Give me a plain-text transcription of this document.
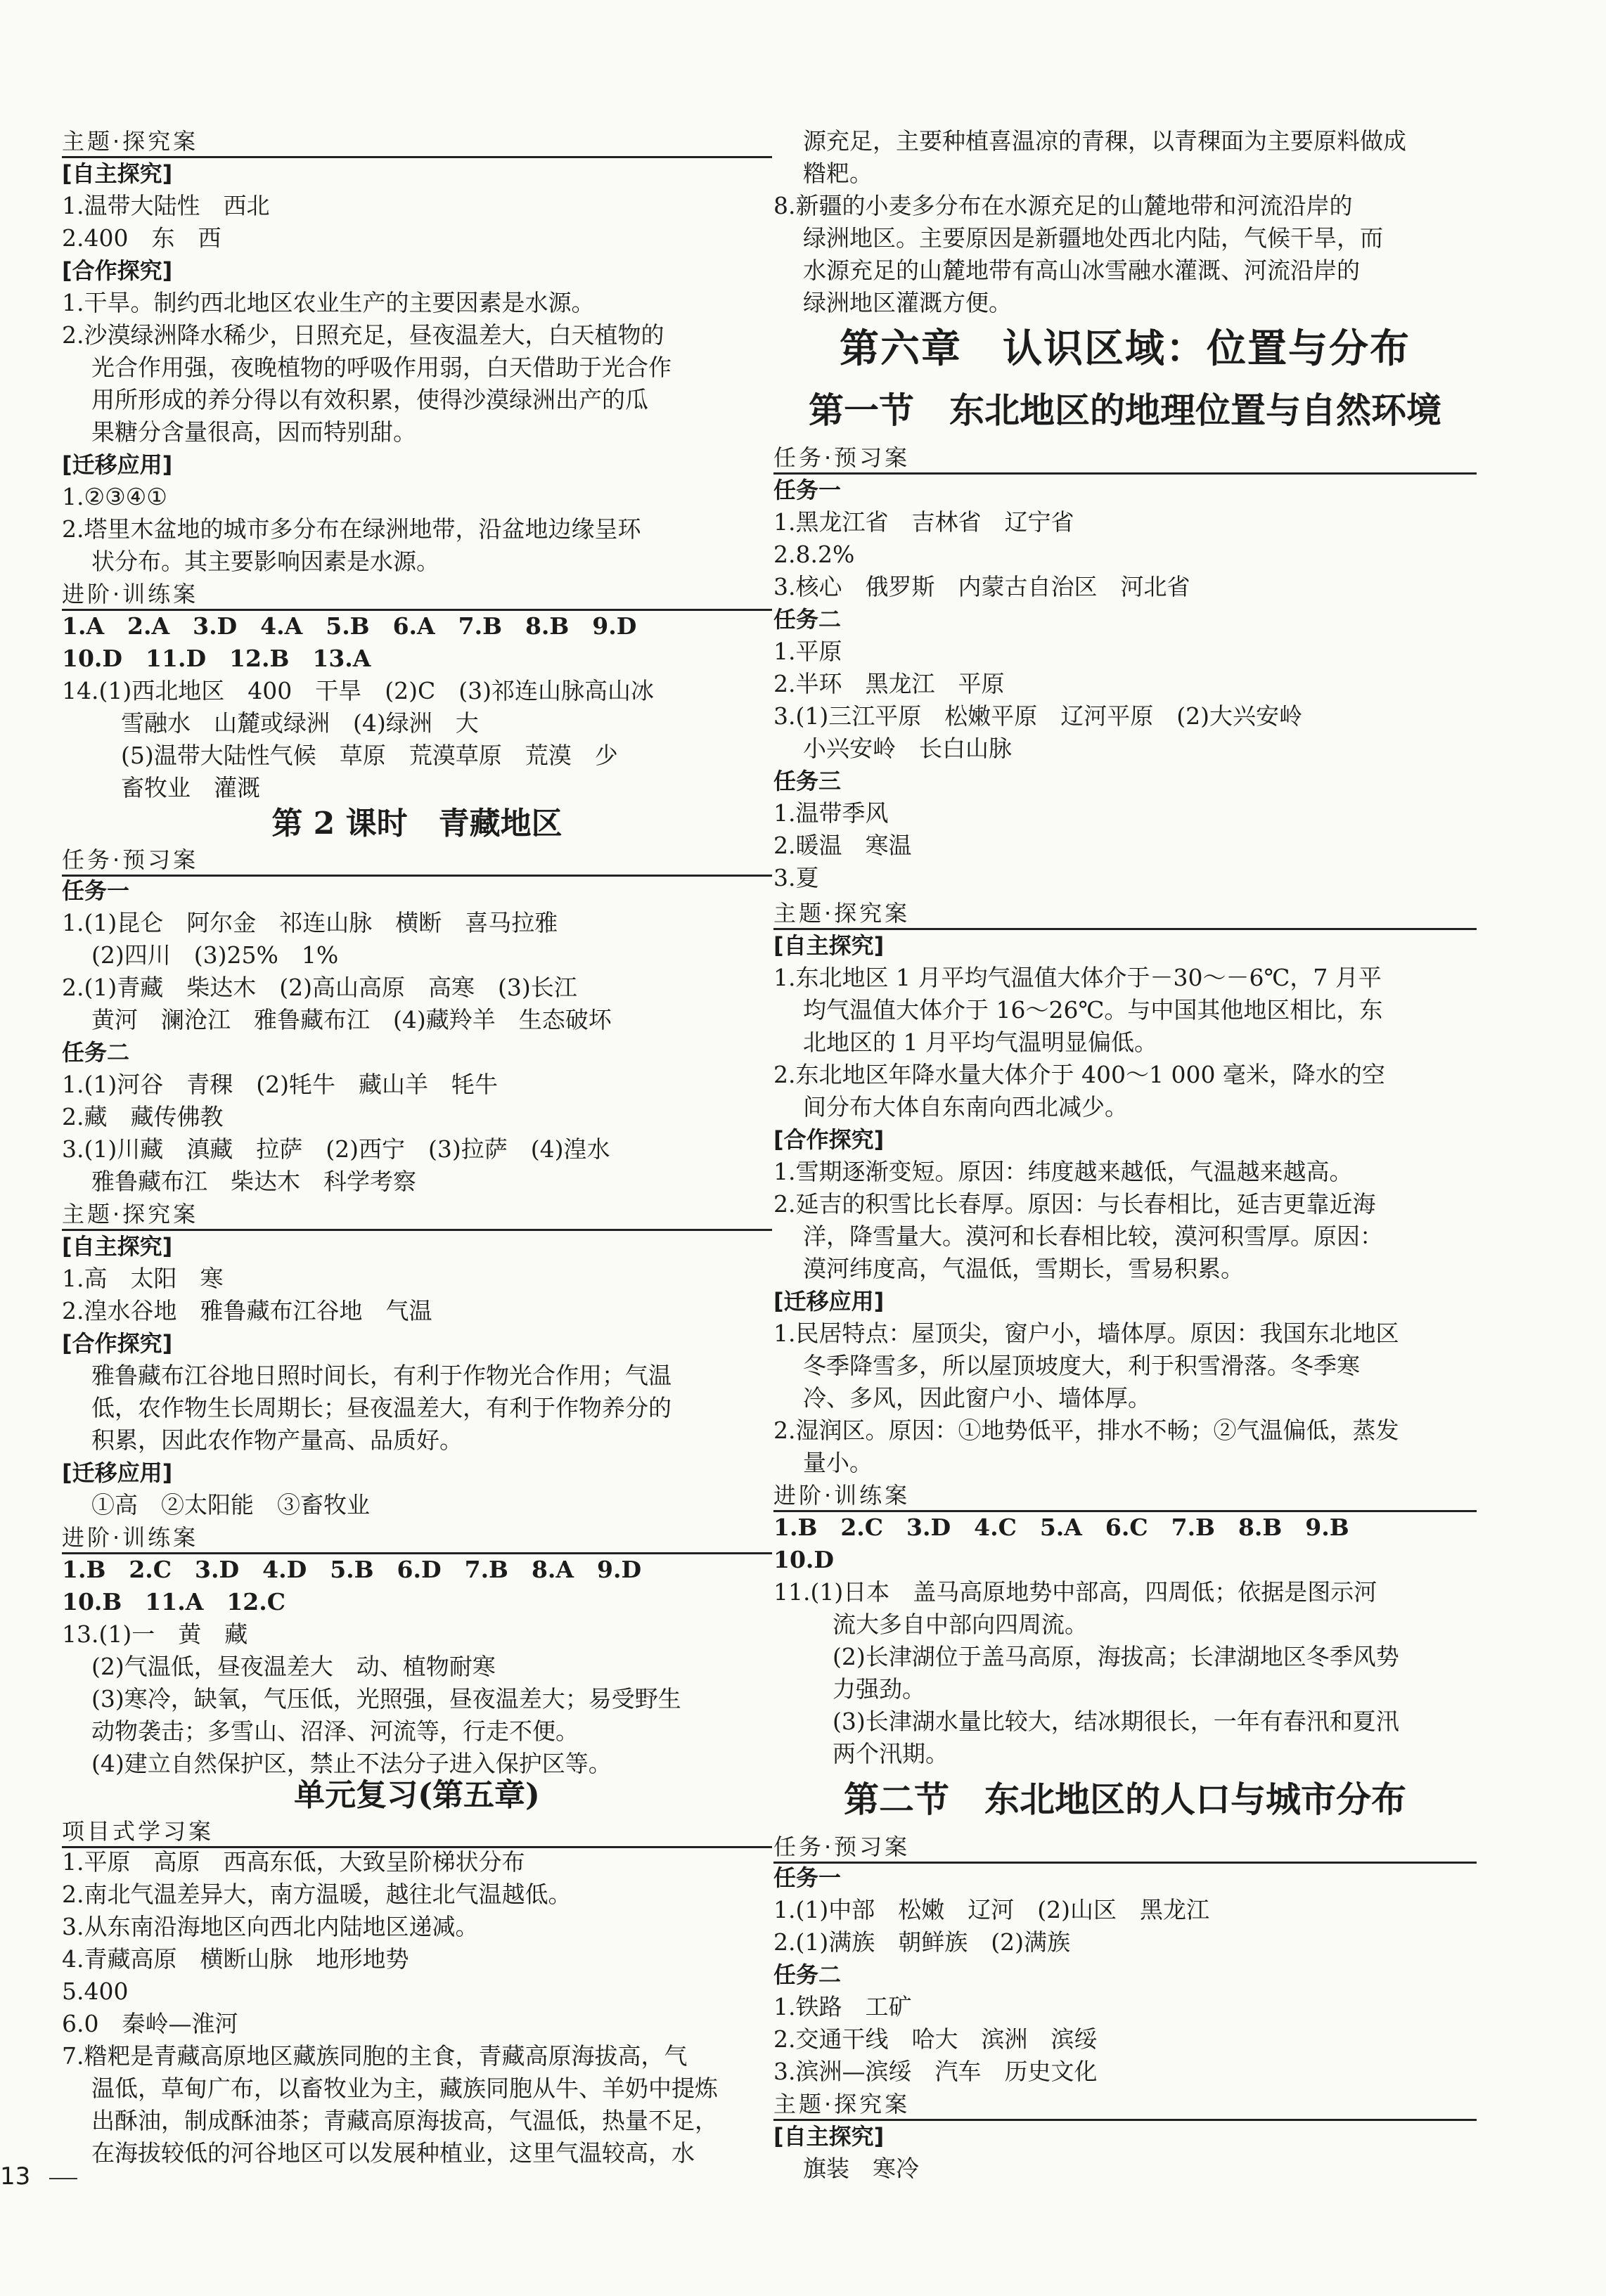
主题·探究案
[自主探究]
1.温带大陆性　西北
2.400　东　西
[合作探究]
1.干旱。制约西北地区农业生产的主要因素是水源。
2.沙漠绿洲降水稀少，日照充足，昼夜温差大，白天植物的
光合作用强，夜晚植物的呼吸作用弱，白天借助于光合作
用所形成的养分得以有效积累，使得沙漠绿洲出产的瓜
果糖分含量很高，因而特别甜。
[迁移应用]
1.②③④①
2.塔里木盆地的城市多分布在绿洲地带，沿盆地边缘呈环
状分布。其主要影响因素是水源。
进阶·训练案
1.A　2.A　3.D　4.A　5.B　6.A　7.B　8.B　9.D
10.D　11.D　12.B　13.A
14.(1)西北地区　400　干旱　(2)C　(3)祁连山脉高山冰
雪融水　山麓或绿洲　(4)绿洲　大
(5)温带大陆性气候　草原　荒漠草原　荒漠　少
畜牧业　灌溉
第 2 课时　青藏地区
任务·预习案
任务一
1.(1)昆仑　阿尔金　祁连山脉　横断　喜马拉雅
(2)四川　(3)25%　1%
2.(1)青藏　柴达木　(2)高山高原　高寒　(3)长江
黄河　澜沧江　雅鲁藏布江　(4)藏羚羊　生态破坏
任务二
1.(1)河谷　青稞　(2)牦牛　藏山羊　牦牛
2.藏　藏传佛教
3.(1)川藏　滇藏　拉萨　(2)西宁　(3)拉萨　(4)湟水
雅鲁藏布江　柴达木　科学考察
主题·探究案
[自主探究]
1.高　太阳　寒
2.湟水谷地　雅鲁藏布江谷地　气温
[合作探究]
雅鲁藏布江谷地日照时间长，有利于作物光合作用；气温
低，农作物生长周期长；昼夜温差大，有利于作物养分的
积累，因此农作物产量高、品质好。
[迁移应用]
①高　②太阳能　③畜牧业
进阶·训练案
1.B　2.C　3.D　4.D　5.B　6.D　7.B　8.A　9.D
10.B　11.A　12.C
13.(1)一　黄　藏
(2)气温低，昼夜温差大　动、植物耐寒
(3)寒冷，缺氧，气压低，光照强，昼夜温差大；易受野生
动物袭击；多雪山、沼泽、河流等，行走不便。
(4)建立自然保护区，禁止不法分子进入保护区等。
单元复习(第五章)
项目式学习案
1.平原　高原　西高东低，大致呈阶梯状分布
2.南北气温差异大，南方温暖，越往北气温越低。
3.从东南沿海地区向西北内陆地区递减。
4.青藏高原　横断山脉　地形地势
5.400
6.0　秦岭—淮河
7.糌粑是青藏高原地区藏族同胞的主食，青藏高原海拔高，气
温低，草甸广布，以畜牧业为主，藏族同胞从牛、羊奶中提炼
出酥油，制成酥油茶；青藏高原海拔高，气温低，热量不足，
在海拔较低的河谷地区可以发展种植业，这里气温较高，水
源充足，主要种植喜温凉的青稞，以青稞面为主要原料做成
糌粑。
8.新疆的小麦多分布在水源充足的山麓地带和河流沿岸的
绿洲地区。主要原因是新疆地处西北内陆，气候干旱，而
水源充足的山麓地带有高山冰雪融水灌溉、河流沿岸的
绿洲地区灌溉方便。
第六章　认识区域：位置与分布
第一节　东北地区的地理位置与自然环境
任务·预习案
任务一
1.黑龙江省　吉林省　辽宁省
2.8.2%
3.核心　俄罗斯　内蒙古自治区　河北省
任务二
1.平原
2.半环　黑龙江　平原
3.(1)三江平原　松嫩平原　辽河平原　(2)大兴安岭
小兴安岭　长白山脉
任务三
1.温带季风
2.暖温　寒温
3.夏
主题·探究案
[自主探究]
1.东北地区 1 月平均气温值大体介于－30～－6℃，7 月平
均气温值大体介于 16～26℃。与中国其他地区相比，东
北地区的 1 月平均气温明显偏低。
2.东北地区年降水量大体介于 400～1 000 毫米，降水的空
间分布大体自东南向西北减少。
[合作探究]
1.雪期逐渐变短。原因：纬度越来越低，气温越来越高。
2.延吉的积雪比长春厚。原因：与长春相比，延吉更靠近海
洋，降雪量大。漠河和长春相比较，漠河积雪厚。原因：
漠河纬度高，气温低，雪期长，雪易积累。
[迁移应用]
1.民居特点：屋顶尖，窗户小，墙体厚。原因：我国东北地区
冬季降雪多，所以屋顶坡度大，利于积雪滑落。冬季寒
冷、多风，因此窗户小、墙体厚。
2.湿润区。原因：①地势低平，排水不畅；②气温偏低，蒸发
量小。
进阶·训练案
1.B　2.C　3.D　4.C　5.A　6.C　7.B　8.B　9.B
10.D
11.(1)日本　盖马高原地势中部高，四周低；依据是图示河
流大多自中部向四周流。
(2)长津湖位于盖马高原，海拔高；长津湖地区冬季风势
力强劲。
(3)长津湖水量比较大，结冰期很长，一年有春汛和夏汛
两个汛期。
第二节　东北地区的人口与城市分布
任务·预习案
任务一
1.(1)中部　松嫩　辽河　(2)山区　黑龙江
2.(1)满族　朝鲜族　(2)满族
任务二
1.铁路　工矿
2.交通干线　哈大　滨洲　滨绥
3.滨洲—滨绥　汽车　历史文化
主题·探究案
[自主探究]
旗装　寒冷
13
